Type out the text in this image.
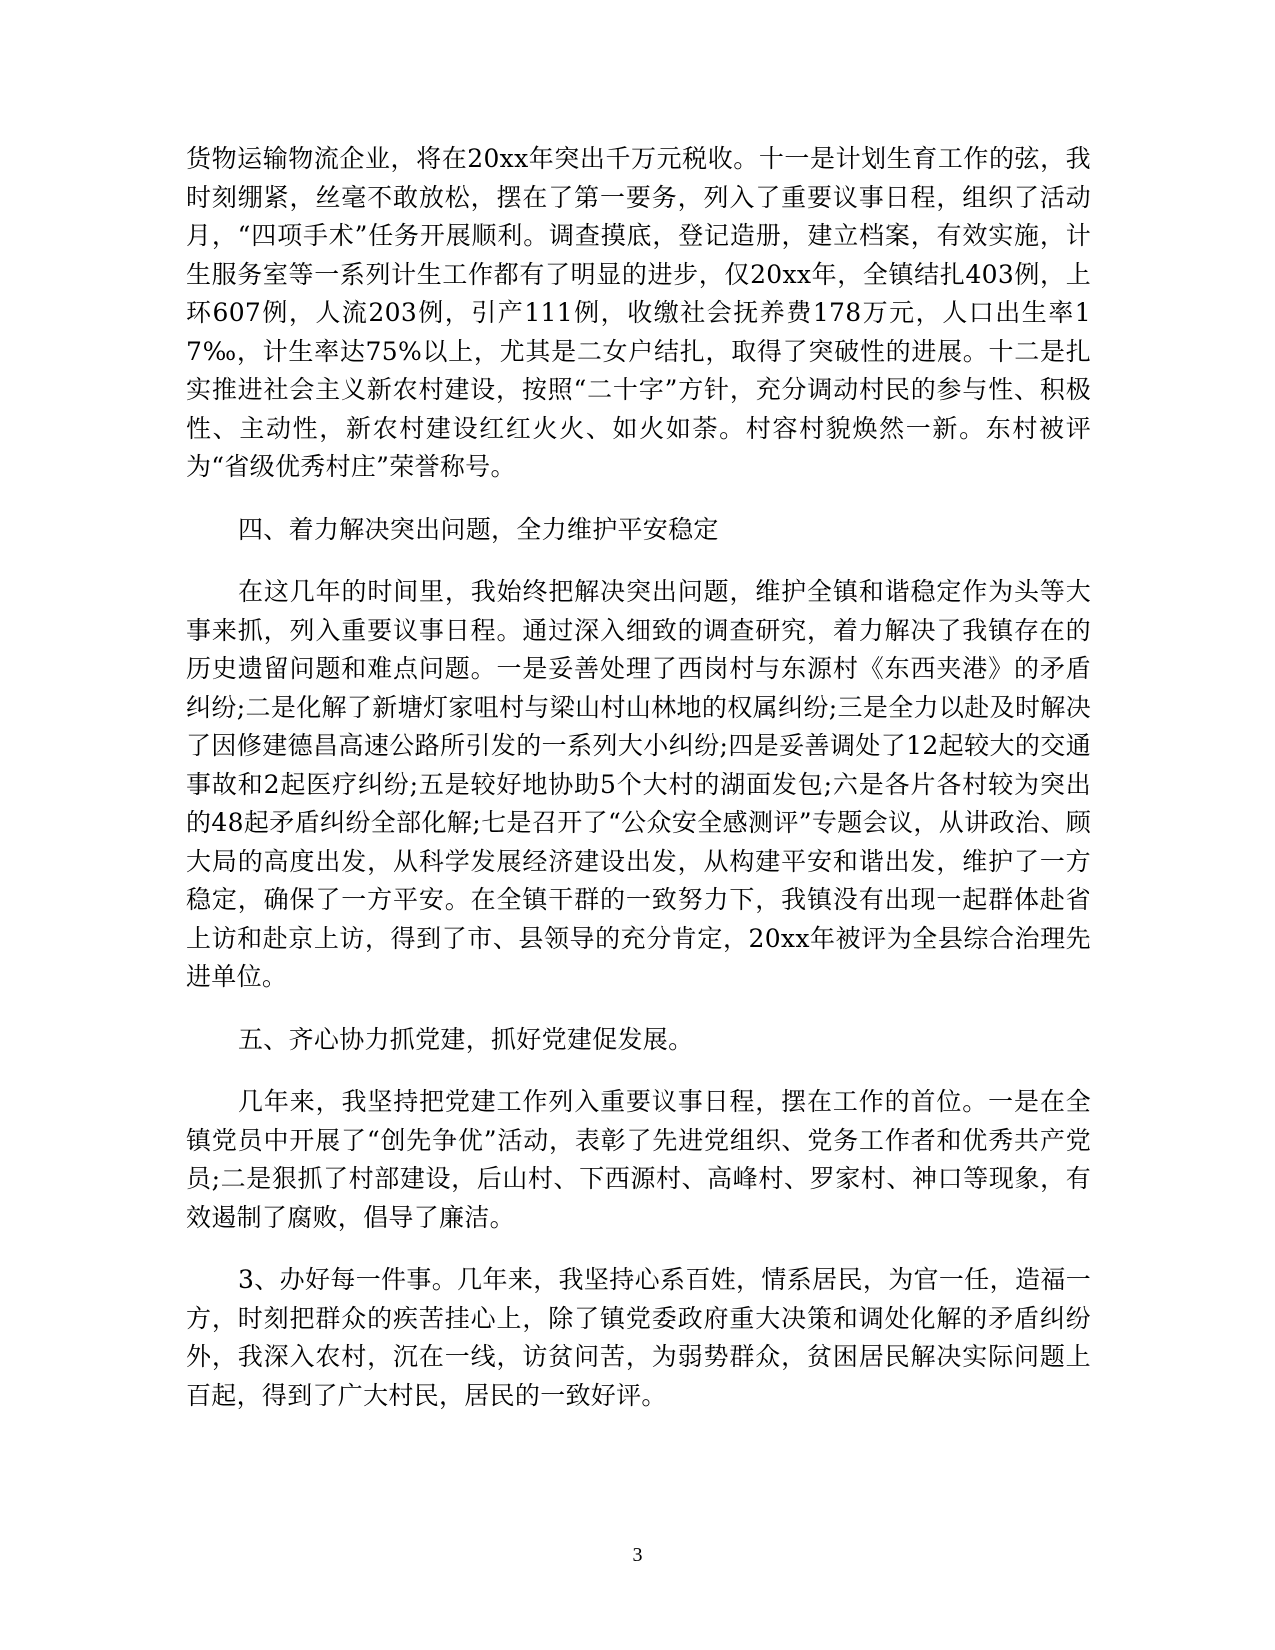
货物运输物流企业，将在20xx年突出千万元税收。十一是计划生育工作的弦，我时刻绷紧，丝毫不敢放松，摆在了第一要务，列入了重要议事日程，组织了活动月，“四项手术”任务开展顺利。调查摸底，登记造册，建立档案，有效实施，计生服务室等一系列计生工作都有了明显的进步，仅20xx年，全镇结扎403例，上环607例，人流203例，引产111例，收缴社会抚养费178万元，人口出生率17‰，计生率达75%以上，尤其是二女户结扎，取得了突破性的进展。十二是扎实推进社会主义新农村建设，按照“二十字”方针，充分调动村民的参与性、积极性、主动性，新农村建设红红火火、如火如荼。村容村貌焕然一新。东村被评为“省级优秀村庄”荣誉称号。

四、着力解决突出问题，全力维护平安稳定

在这几年的时间里，我始终把解决突出问题，维护全镇和谐稳定作为头等大事来抓，列入重要议事日程。通过深入细致的调查研究，着力解决了我镇存在的历史遗留问题和难点问题。一是妥善处理了西岗村与东源村《东西夹港》的矛盾纠纷;二是化解了新塘灯家咀村与梁山村山林地的权属纠纷;三是全力以赴及时解决了因修建德昌高速公路所引发的一系列大小纠纷;四是妥善调处了12起较大的交通事故和2起医疗纠纷;五是较好地协助5个大村的湖面发包;六是各片各村较为突出的48起矛盾纠纷全部化解;七是召开了“公众安全感测评”专题会议，从讲政治、顾大局的高度出发，从科学发展经济建设出发，从构建平安和谐出发，维护了一方稳定，确保了一方平安。在全镇干群的一致努力下，我镇没有出现一起群体赴省上访和赴京上访，得到了市、县领导的充分肯定，20xx年被评为全县综合治理先进单位。

五、齐心协力抓党建，抓好党建促发展。

几年来，我坚持把党建工作列入重要议事日程，摆在工作的首位。一是在全镇党员中开展了“创先争优”活动，表彰了先进党组织、党务工作者和优秀共产党员;二是狠抓了村部建设，后山村、下西源村、高峰村、罗家村、神口等现象，有效遏制了腐败，倡导了廉洁。

3、办好每一件事。几年来，我坚持心系百姓，情系居民，为官一任，造福一方，时刻把群众的疾苦挂心上，除了镇党委政府重大决策和调处化解的矛盾纠纷外，我深入农村，沉在一线，访贫问苦，为弱势群众，贫困居民解决实际问题上百起，得到了广大村民，居民的一致好评。

3
